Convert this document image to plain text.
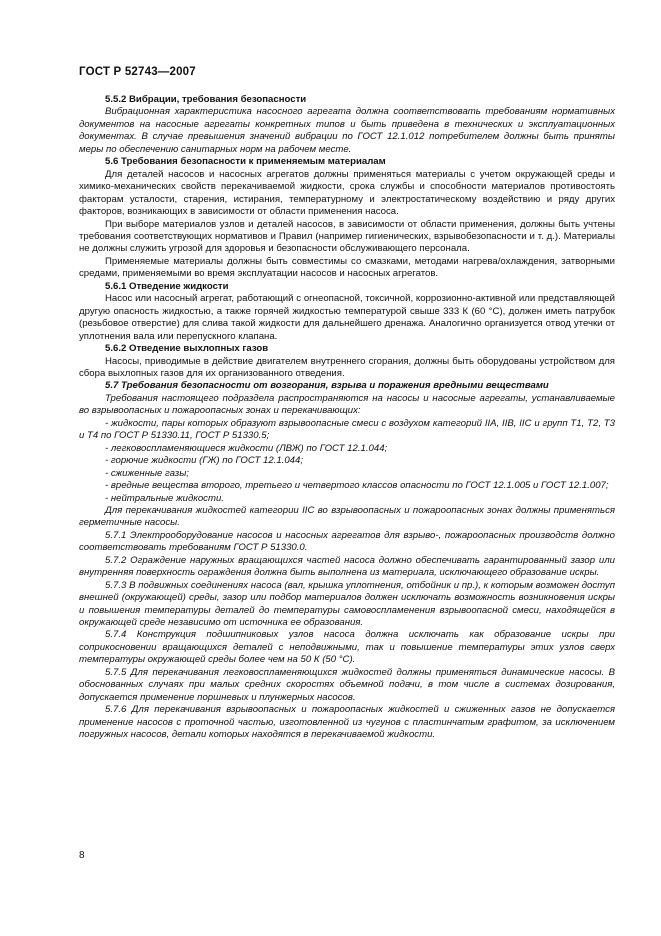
ГОСТ Р 52743—2007

5.5.2 Вибрации, требования безопасности

Вибрационная характеристика насосного агрегата должна соответствовать требованиям нормативных документов на насосные агрегаты конкретных типов и быть приведена в технических и эксплуатационных документах. В случае превышения значений вибрации по ГОСТ 12.1.012 потребителем должны быть приняты меры по обеспечению санитарных норм на рабочем месте.

5.6 Требования безопасности к применяемым материалам

Для деталей насосов и насосных агрегатов должны применяться материалы с учетом окружающей среды и химико-механических свойств перекачиваемой жидкости, срока службы и способности материалов противостоять факторам усталости, старения, истирания, температурному и электростатическому воздействию и ряду других факторов, возникающих в зависимости от области применения насоса.

При выборе материалов узлов и деталей насосов, в зависимости от области применения, должны быть учтены требования соответствующих нормативов и Правил (например гигиенических, взрывобезопасности и т. д.). Материалы не должны служить угрозой для здоровья и безопасности обслуживающего персонала.

Применяемые материалы должны быть совместимы со смазками, методами нагрева/охлаждения, затворными средами, применяемыми во время эксплуатации насосов и насосных агрегатов.

5.6.1 Отведение жидкости

Насос или насосный агрегат, работающий с огнеопасной, токсичной, коррозионно-активной или представляющей другую опасность жидкостью, а также горячей жидкостью температурой свыше 333 К (60 °С), должен иметь патрубок (резьбовое отверстие) для слива такой жидкости для дальнейшего дренажа. Аналогично организуется отвод утечки от уплотнения вала или перепускного клапана.

5.6.2 Отведение выхлопных газов

Насосы, приводимые в действие двигателем внутреннего сгорания, должны быть оборудованы устройством для сбора выхлопных газов для их организованного отведения.

5.7 Требования безопасности от возгорания, взрыва и поражения вредными веществами

Требования настоящего подраздела распространяются на насосы и насосные агрегаты, устанавливаемые во взрывоопасных и пожароопасных зонах и перекачивающих:

- жидкости, пары которых образуют взрывоопасные смеси с воздухом категорий IIA, IIB, IIC и групп Т1, Т2, Т3 и Т4 по ГОСТ Р 51330.11, ГОСТ Р 51330.5;

- легковоспламеняющиеся жидкости (ЛВЖ) по ГОСТ 12.1.044;

- горючие жидкости (ГЖ) по ГОСТ 12.1.044;

- сжиженные газы;

- вредные вещества второго, третьего и четвертого классов опасности по ГОСТ 12.1.005 и ГОСТ 12.1.007;

- нейтральные жидкости.

Для перекачивания жидкостей категории IIC во взрывоопасных и пожароопасных зонах должны применяться герметичные насосы.

5.7.1 Электрооборудование насосов и насосных агрегатов для взрыво-, пожароопасных производств должно соответствовать требованиям ГОСТ Р 51330.0.

5.7.2 Ограждение наружных вращающихся частей насоса должно обеспечивать гарантированный зазор или внутренняя поверхность ограждения должна быть выполнена из материала, исключающего образование искры.

5.7.3 В подвижных соединениях насоса (вал, крышка уплотнения, отбойник и пр.), к которым возможен доступ внешней (окружающей) среды, зазор или подбор материалов должен исключать возможность возникновения искры и повышения температуры деталей до температуры самовоспламенения взрывоопасной смеси, находящейся в окружающей среде независимо от источника ее образования.

5.7.4 Конструкция подшипниковых узлов насоса должна исключать как образование искры при соприкосновении вращающихся деталей с неподвижными, так и повышение температуры этих узлов сверх температуры окружающей среды более чем на 50 К (50 °С).

5.7.5 Для перекачивания легковоспламеняющихся жидкостей должны применяться динамические насосы. В обоснованных случаях при малых средних скоростях объемной подачи, в том числе в системах дозирования, допускается применение поршневых и плунжерных насосов.

5.7.6 Для перекачивания взрывоопасных и пожароопасных жидкостей и сжиженных газов не допускается применение насосов с проточной частью, изготовленной из чугунов с пластинчатым графитом, за исключением погружных насосов, детали которых находятся в перекачиваемой жидкости.

8
